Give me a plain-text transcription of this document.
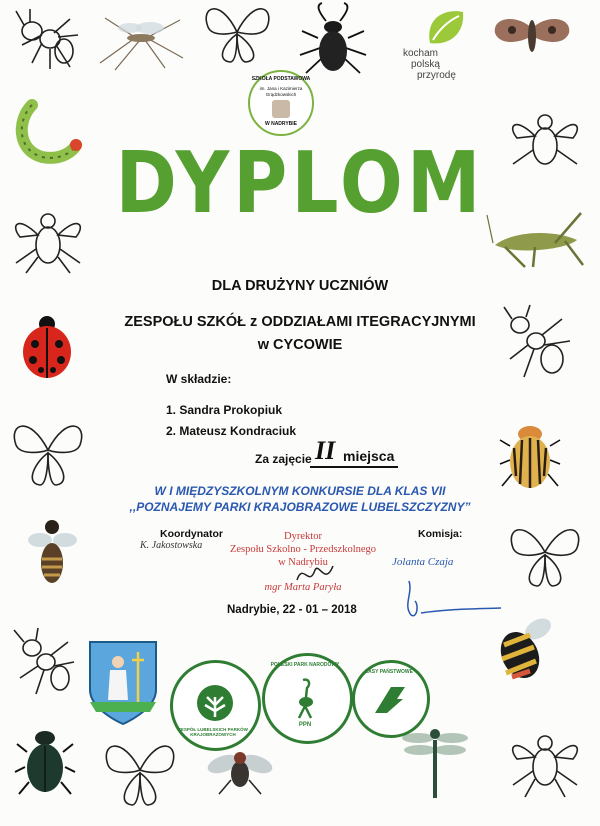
kocham
polską
przyrodę
SZKOŁA PODSTAWOWA
im. Jana i Kazimierza Grądzkowskich
W NADRYBIE
ZESPÓŁ LUBELSKICH PARKÓW KRAJOBRAZOWYCH
POLESKI PARK NARODOWY
PPN
LASY PAŃSTWOWE
DYPLOM
DLA DRUŻYNY UCZNIÓW
ZESPOŁU SZKÓŁ z ODDZIAŁAMI ITEGRACYJNYMI
w CYCOWIE
W składzie:
1. Sandra Prokopiuk
2. Mateusz Kondraciuk
Za zajęcie II miejsca
W I MIĘDZYSZKOLNYM KONKURSIE DLA KLAS VII
,,POZNAJEMY PARKI KRAJOBRAZOWE LUBELSZCZYZNY”
Koordynator
K. Jakostowska
Dyrektor
Zespołu Szkolno - Przedszkolnego
w Nadrybiu
mgr Marta Paryła
Komisja:
Jolanta Czaja
Nadrybie, 22 - 01 – 2018
